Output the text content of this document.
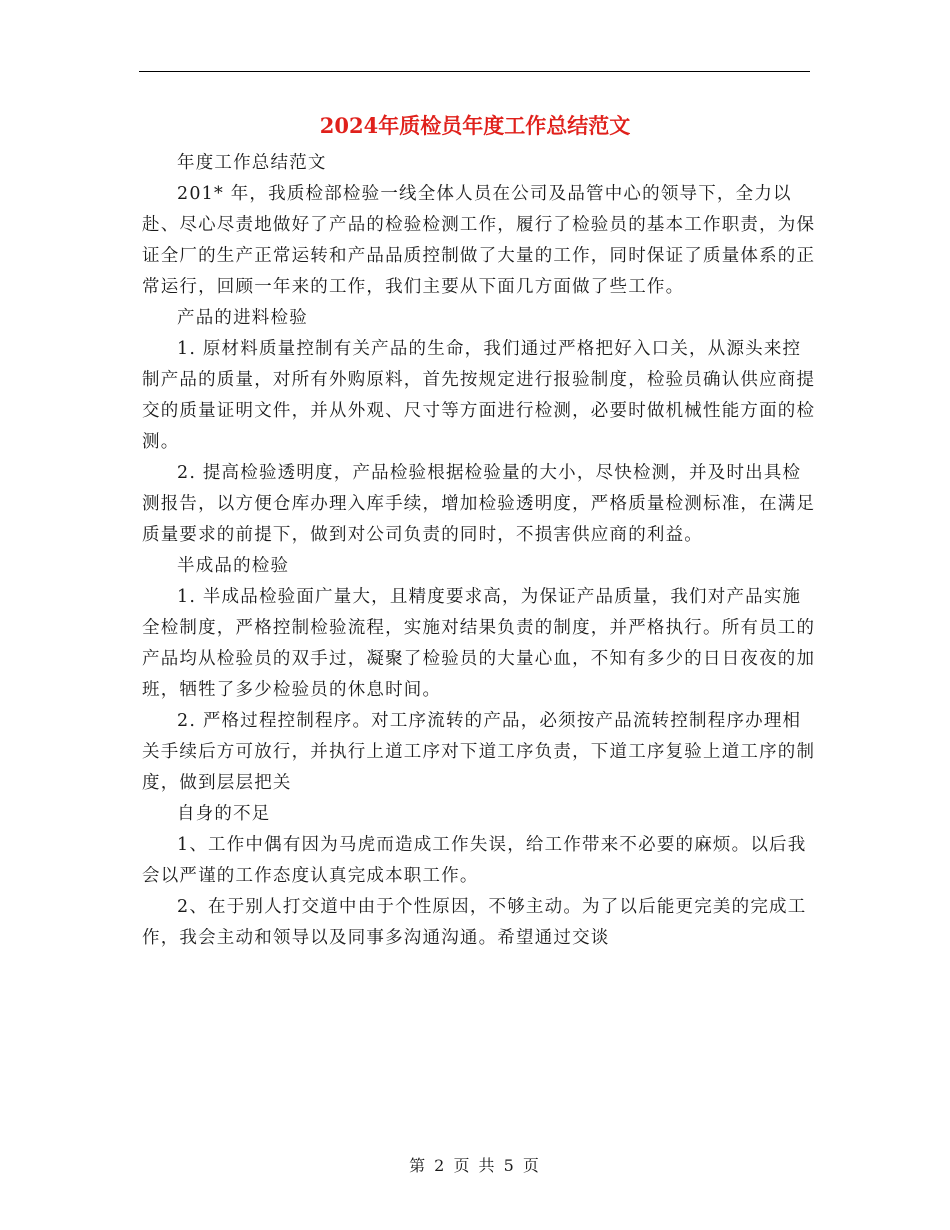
2024年质检员年度工作总结范文

年度工作总结范文

201* 年，我质检部检验一线全体人员在公司及品管中心的领导下，全力以赴、尽心尽责地做好了产品的检验检测工作，履行了检验员的基本工作职责，为保证全厂的生产正常运转和产品品质控制做了大量的工作，同时保证了质量体系的正常运行，回顾一年来的工作，我们主要从下面几方面做了些工作。

产品的进料检验

1. 原材料质量控制有关产品的生命，我们通过严格把好入口关，从源头来控制产品的质量，对所有外购原料，首先按规定进行报验制度，检验员确认供应商提交的质量证明文件，并从外观、尺寸等方面进行检测，必要时做机械性能方面的检测。

2. 提高检验透明度，产品检验根据检验量的大小，尽快检测，并及时出具检测报告，以方便仓库办理入库手续，增加检验透明度，严格质量检测标准，在满足质量要求的前提下，做到对公司负责的同时，不损害供应商的利益。

半成品的检验

1. 半成品检验面广量大，且精度要求高，为保证产品质量，我们对产品实施全检制度，严格控制检验流程，实施对结果负责的制度，并严格执行。所有员工的产品均从检验员的双手过，凝聚了检验员的大量心血，不知有多少的日日夜夜的加班，牺牲了多少检验员的休息时间。

2. 严格过程控制程序。对工序流转的产品，必须按产品流转控制程序办理相关手续后方可放行，并执行上道工序对下道工序负责，下道工序复验上道工序的制度，做到层层把关

自身的不足

1、工作中偶有因为马虎而造成工作失误，给工作带来不必要的麻烦。以后我会以严谨的工作态度认真完成本职工作。

2、在于别人打交道中由于个性原因，不够主动。为了以后能更完美的完成工作，我会主动和领导以及同事多沟通沟通。希望通过交谈

第 2 页 共 5 页
